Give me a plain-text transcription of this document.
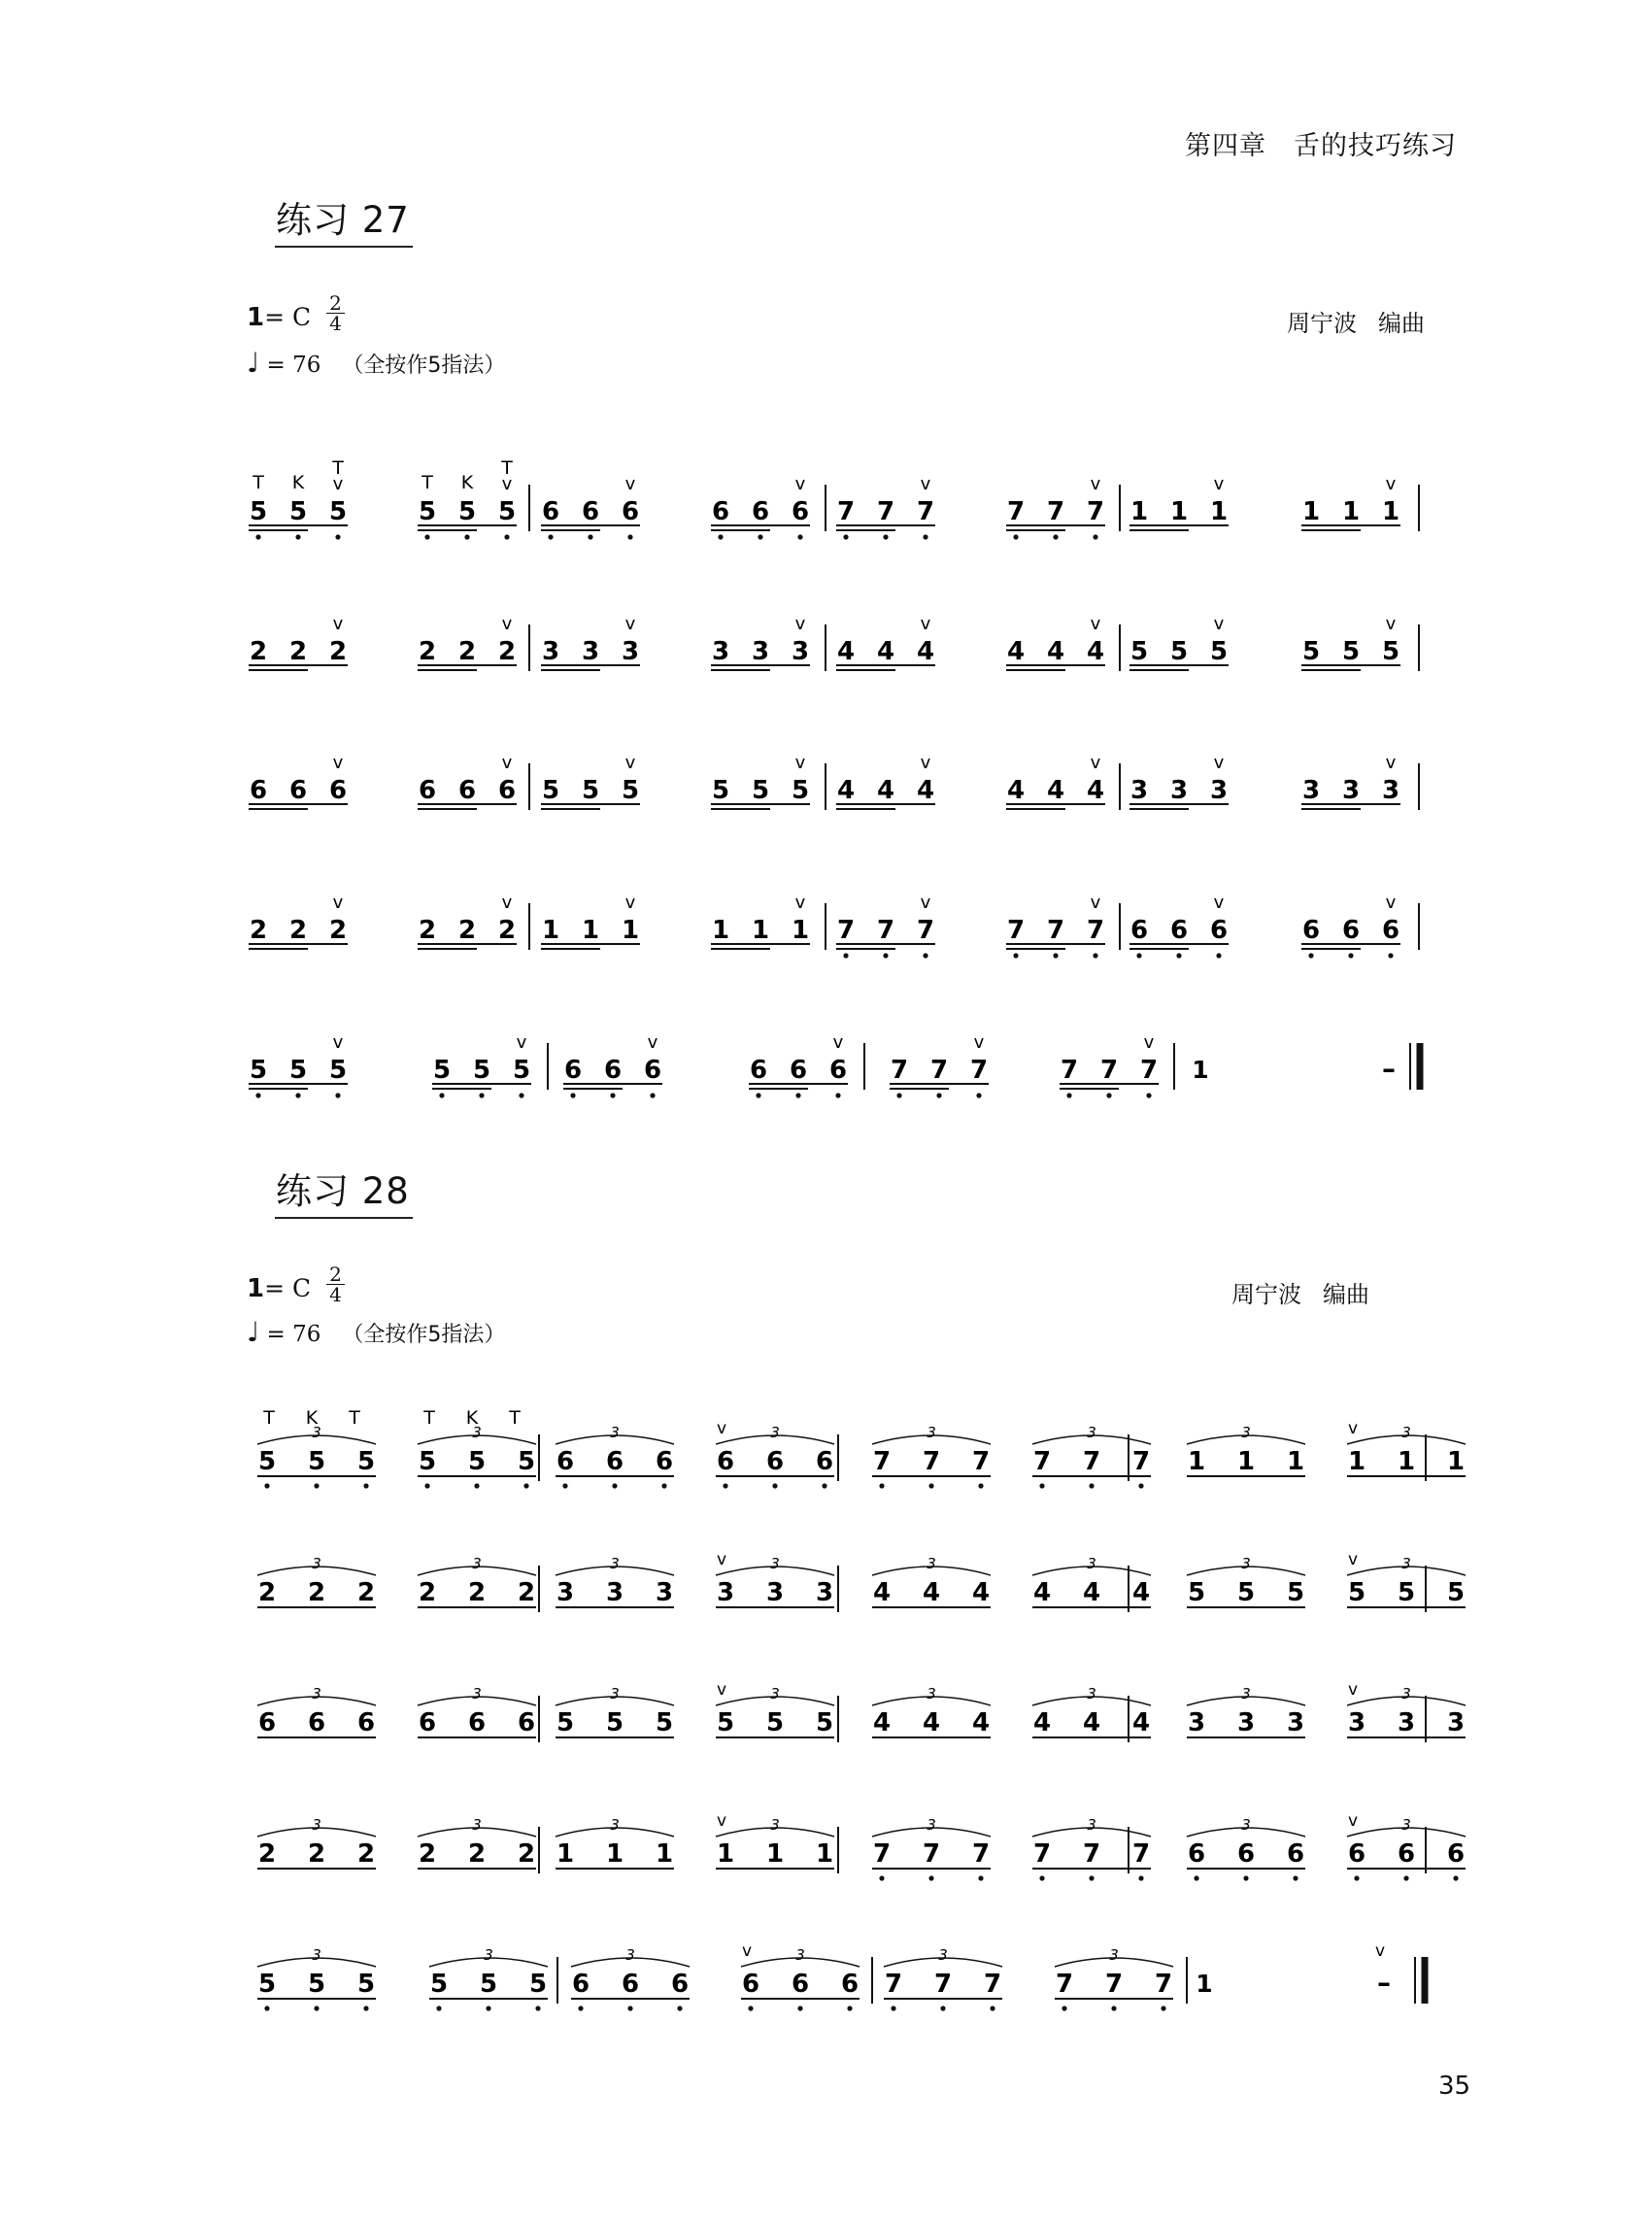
第四章　舌的技巧练习
练习 27
1= C $\frac{2}{4}$
♩ = 76 （全按作5指法）
周宁波 编曲
5 5 5
v
5 5 5
v
6 6 6
v
6 6 6
v
7 7 7
v
7 7 7
v
1 1 1
v
1 1 1
v
2 2 2
v
2 2 2
v
3 3 3
v
3 3 3
v
4 4 4
v
4 4 4
v
5 5 5
v
5 5 5
v
6 6 6
v
6 6 6
v
5 5 5
v
5 5 5
v
4 4 4
v
4 4 4
v
3 3 3
v
3 3 3
v
2 2 2
v
2 2 2
v
1 1 1
v
1 1 1
v
7 7 7
v
7 7 7
v
6 6 6
v
6 6 6
v
5 5 5
v
5 5 5
v
6 6 6
v
6 6 6
v
7 7 7
v
7 7 7
v
1	–
T K
T
T K
T
练习 28
1= C $\frac{2}{4}$
♩ = 76 （全按作5指法）
周宁波 编曲
5 5 5
3
5 5 5
3
6 6 6
3
6 6 6
3
7 7 7
3
7 7 7
3
1 1 1
3
1 1 1
3
2 2 2
3
2 2 2
3
3 3 3
3
3 3 3
3
4 4 4
3
4 4 4
3
5 5 5
3
5 5 5
3
6 6 6
3
6 6 6
3
5 5 5
3
5 5 5
3
4 4 4
3
4 4 4
3
3 3 3
3
3 3 3
3
2 2 2
3
2 2 2
3
1 1 1
3
1 1 1
3
7 7 7
3
7 7 7
3
6 6 6
3
6 6 6
3
5 5 5
3
5 5 5
3
6 6 6
3
6 6 6
3
7 7 7
3
7 7 7
3
1	–
T K T	T K T	v	v
v	v
v	v
v	v
v	v
35
